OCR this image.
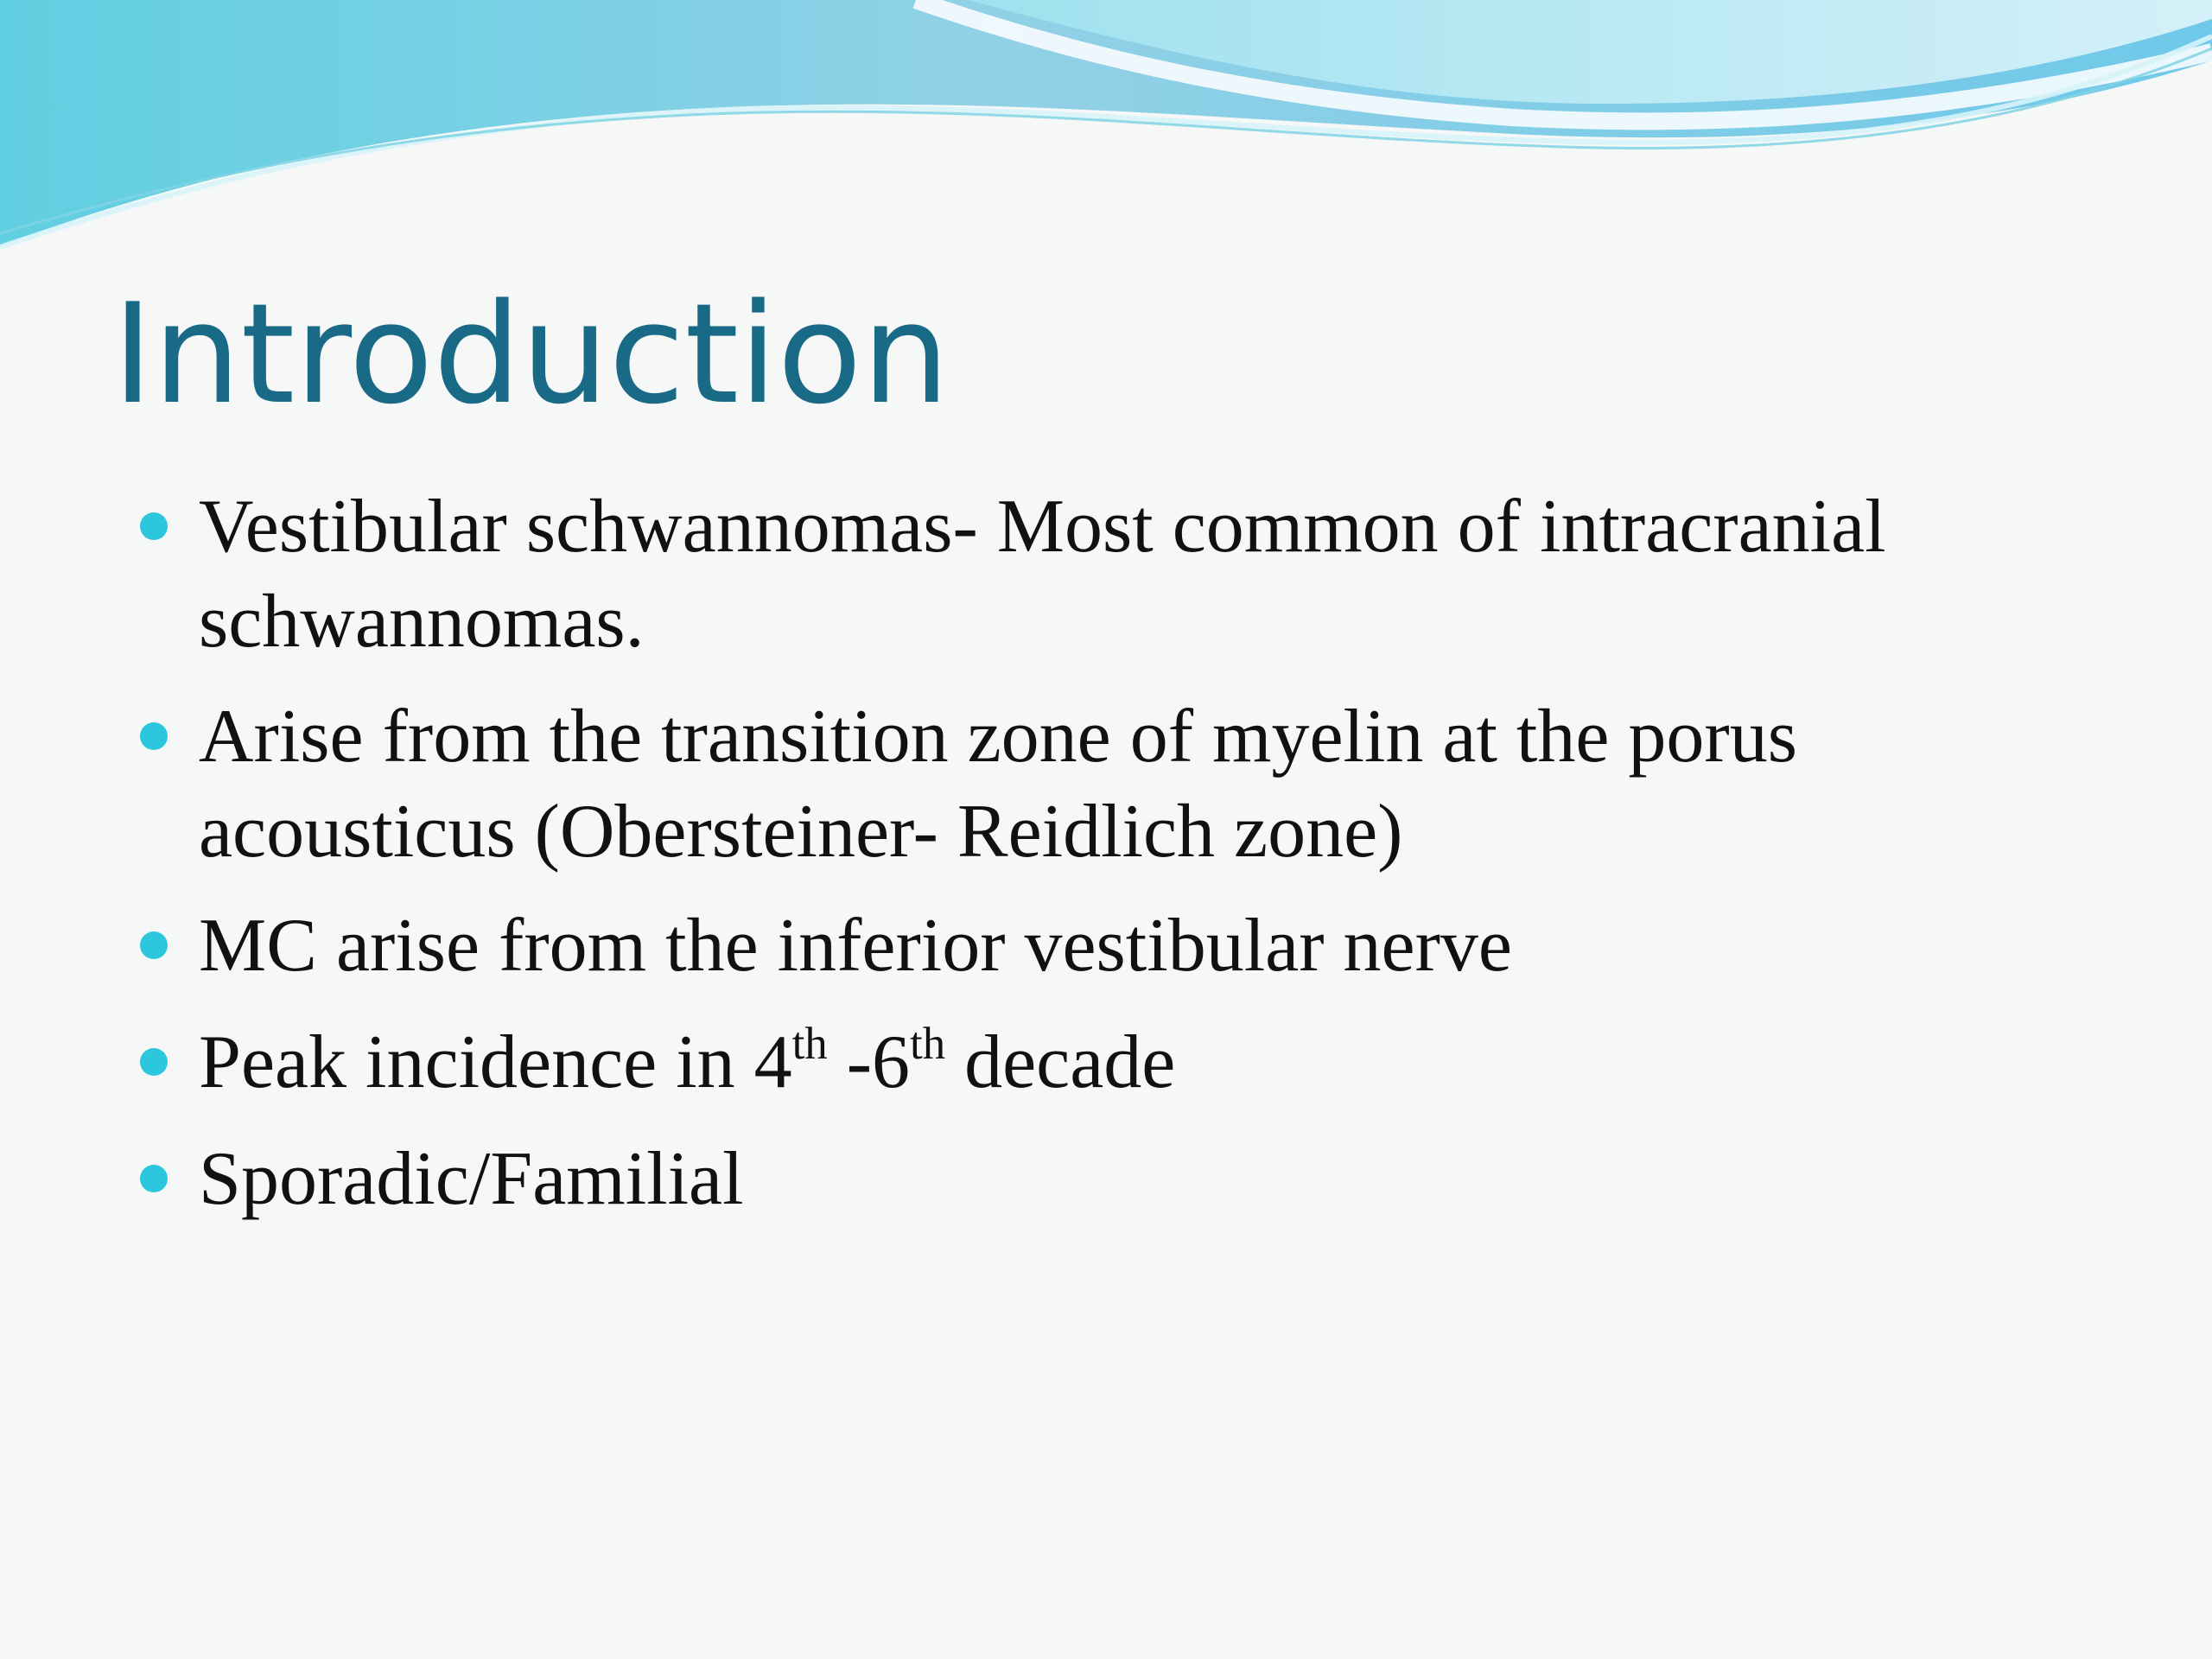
Introduction
Vestibular schwannomas- Most common of intracranial schwannomas.
Arise from the transition zone of myelin at the porus acousticus (Obersteiner- Reidlich zone)
MC arise from the inferior vestibular nerve
Peak incidence in 4th -6th decade
Sporadic/Familial
